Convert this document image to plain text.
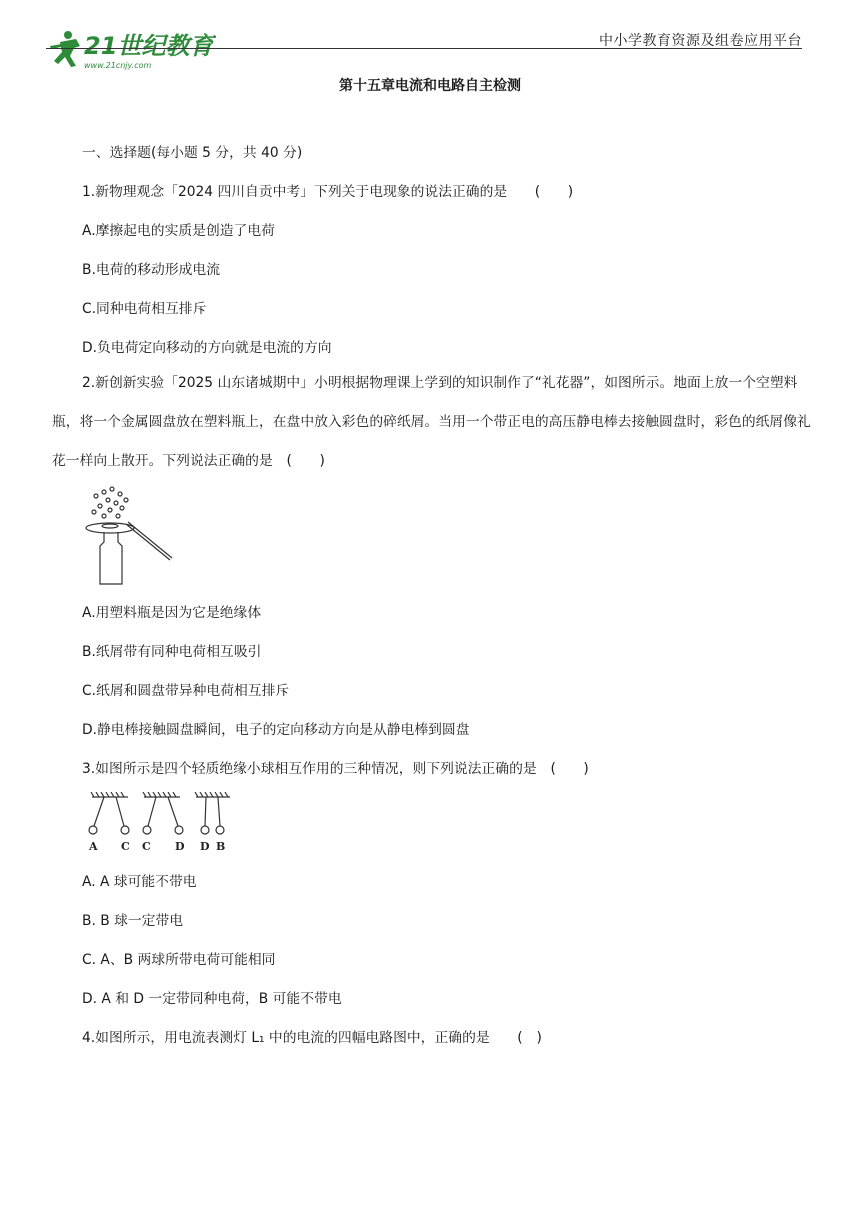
21世纪教育
www.21cnjy.com
中小学教育资源及组卷应用平台
第十五章电流和电路自主检测
一、选择题(每小题 5 分，共 40 分)
1.新物理观念「2024 四川自贡中考」下列关于电现象的说法正确的是　　(　　)
A.摩擦起电的实质是创造了电荷
B.电荷的移动形成电流
C.同种电荷相互排斥
D.负电荷定向移动的方向就是电流的方向
2.新创新实验「2025 山东诸城期中」小明根据物理课上学到的知识制作了“礼花器”，如图所示。地面上放一个空塑料瓶，将一个金属圆盘放在塑料瓶上，在盘中放入彩色的碎纸屑。当用一个带正电的高压静电棒去接触圆盘时，彩色的纸屑像礼花一样向上散开。下列说法正确的是　(　　)
A.用塑料瓶是因为它是绝缘体
B.纸屑带有同种电荷相互吸引
C.纸屑和圆盘带异种电荷相互排斥
D.静电棒接触圆盘瞬间，电子的定向移动方向是从静电棒到圆盘
3.如图所示是四个轻质绝缘小球相互作用的三种情况，则下列说法正确的是　(　　)
A C C D D B
A. A 球可能不带电
B. B 球一定带电
C. A、B 两球所带电荷可能相同
D. A 和 D 一定带同种电荷，B 可能不带电
4.如图所示，用电流表测灯 L₁ 中的电流的四幅电路图中，正确的是　　(　)
